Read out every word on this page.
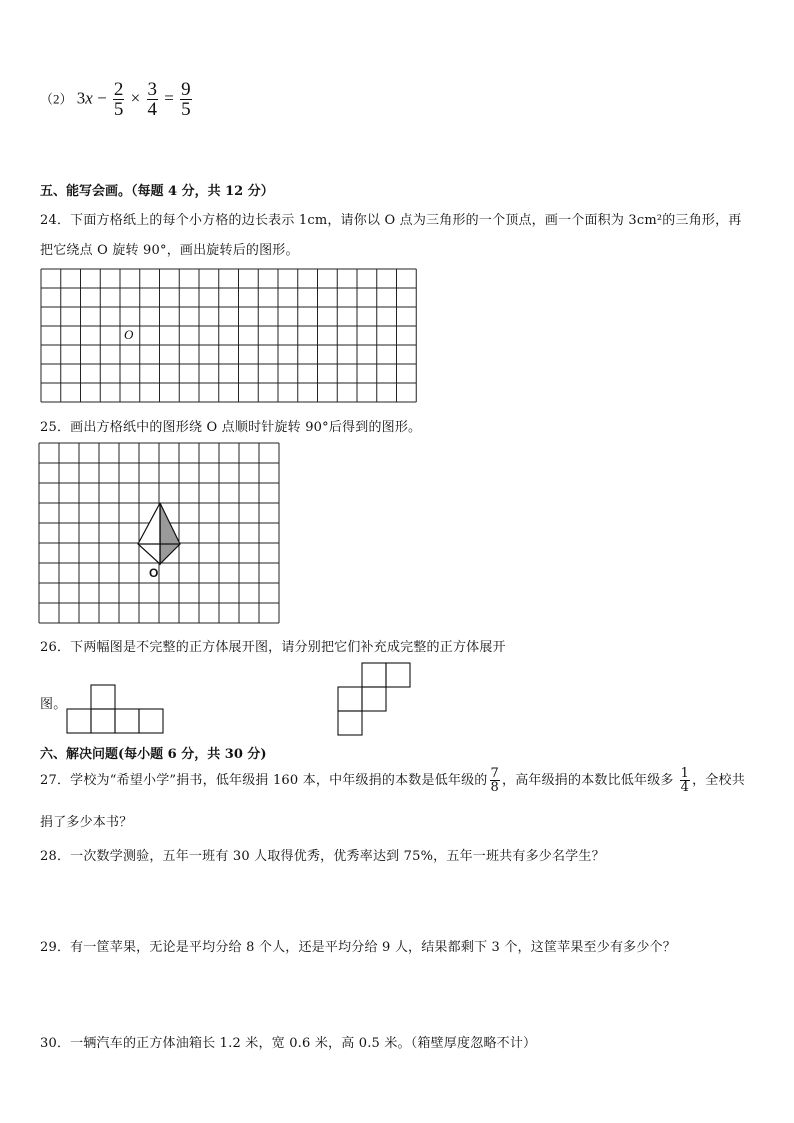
（2） $3x - \frac{2}{5} \times \frac{3}{4} = \frac{9}{5}$
五、能写会画。（每题 4 分，共 12 分）
24．下面方格纸上的每个小方格的边长表示 1cm，请你以 O 点为三角形的一个顶点，画一个面积为 3cm²的三角形，再
把它绕点 O 旋转 90°，画出旋转后的图形。
O
25．画出方格纸中的图形绕 O 点顺时针旋转 90°后得到的图形。
O
26．下两幅图是不完整的正方体展开图，请分别把它们补充成完整的正方体展开
图。
六、解决问题(每小题 6 分，共 30 分)
27．学校为“希望小学”捐书，低年级捐 160 本，中年级捐的本数是低年级的 $\frac{7}{8}$ ，高年级捐的本数比低年级多 $\frac{1}{4}$ ，全校共
捐了多少本书？
28．一次数学测验，五年一班有 30 人取得优秀，优秀率达到 75%，五年一班共有多少名学生？
29．有一筐苹果，无论是平均分给 8 个人，还是平均分给 9 人，结果都剩下 3 个，这筐苹果至少有多少个？
30．一辆汽车的正方体油箱长 1.2 米，宽 0.6 米，高 0.5 米。（箱壁厚度忽略不计）
